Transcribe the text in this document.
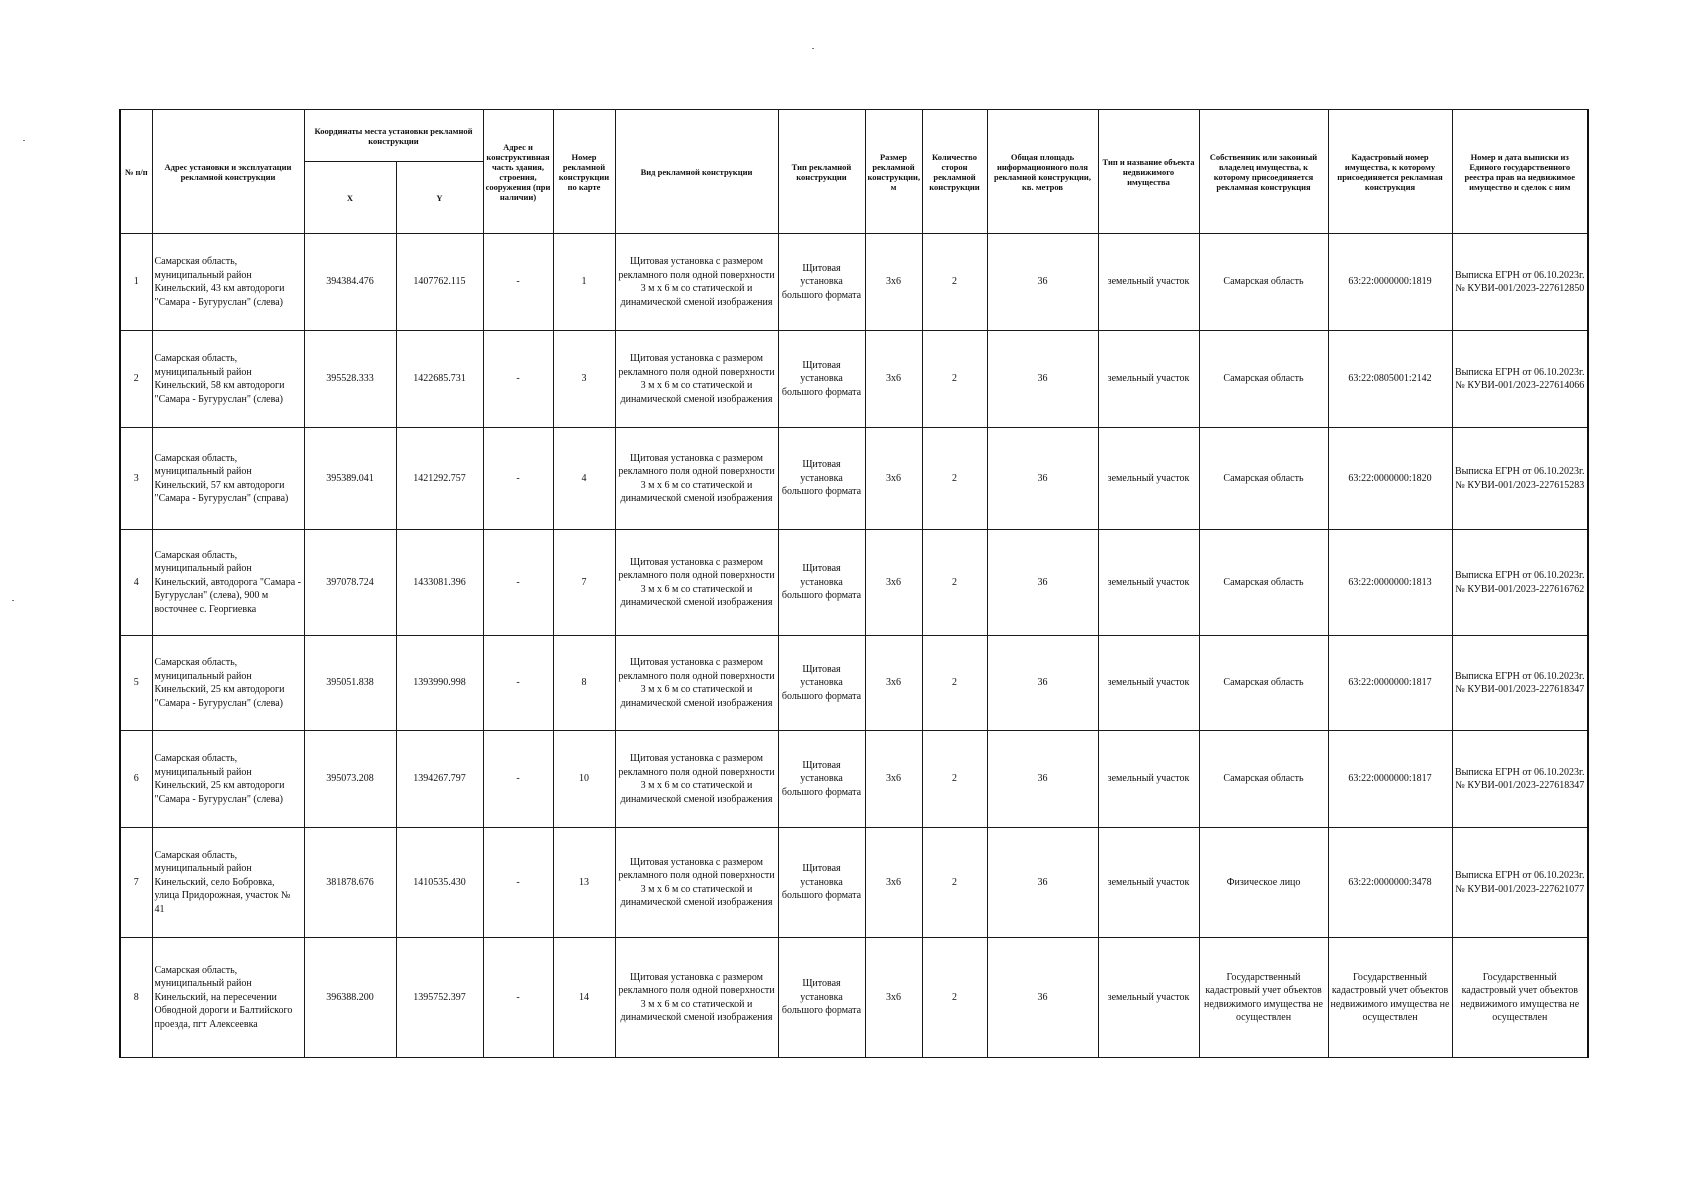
№ п/п	Адрес установки и эксплуатации рекламной конструкции	Координаты места установки рекламной конструкции		Адрес и конструктивная часть здания, строения, сооружения (при наличии)	Номер рекламной конструкции по карте	Вид рекламной конструкции	Тип рекламной конструкции	Размер рекламной конструкции, м	Количество сторон рекламной конструкции	Общая площадь информационного поля рекламной конструкции, кв. метров	Тип и название объекта недвижимого имущества	Собственник или законный владелец имущества, к которому присоединяется рекламная конструкция	Кадастровый номер имущества, к которому присоединяется рекламная конструкция	Номер и дата выписки из Единого государственного реестра прав на недвижимое имущество и сделок с ним
		X	Y											
1	Самарская область, муниципальный район Кинельский, 43 км автодороги "Самара - Бугуруслан" (слева)	394384.476	1407762.115	-	1	Щитовая установка с размером рекламного поля одной поверхности 3 м х 6 м со статической и динамической сменой изображения	Щитовая установка большого формата	3х6	2	36	земельный участок	Самарская область	63:22:0000000:1819	Выписка ЕГРН от 06.10.2023г. № КУВИ-001/2023-227612850
2	Самарская область, муниципальный район Кинельский, 58 км автодороги "Самара - Бугуруслан" (слева)	395528.333	1422685.731	-	3	Щитовая установка с размером рекламного поля одной поверхности 3 м х 6 м со статической и динамической сменой изображения	Щитовая установка большого формата	3х6	2	36	земельный участок	Самарская область	63:22:0805001:2142	Выписка ЕГРН от 06.10.2023г. № КУВИ-001/2023-227614066
3	Самарская область, муниципальный район Кинельский, 57 км автодороги "Самара - Бугуруслан" (справа)	395389.041	1421292.757	-	4	Щитовая установка с размером рекламного поля одной поверхности 3 м х 6 м со статической и динамической сменой изображения	Щитовая установка большого формата	3х6	2	36	земельный участок	Самарская область	63:22:0000000:1820	Выписка ЕГРН от 06.10.2023г. № КУВИ-001/2023-227615283
4	Самарская область, муниципальный район Кинельский, автодорога "Самара - Бугуруслан" (слева), 900 м восточнее с. Георгиевка	397078.724	1433081.396	-	7	Щитовая установка с размером рекламного поля одной поверхности 3 м х 6 м со статической и динамической сменой изображения	Щитовая установка большого формата	3х6	2	36	земельный участок	Самарская область	63:22:0000000:1813	Выписка ЕГРН от 06.10.2023г. № КУВИ-001/2023-227616762
5	Самарская область, муниципальный район Кинельский, 25 км автодороги "Самара - Бугуруслан" (слева)	395051.838	1393990.998	-	8	Щитовая установка с размером рекламного поля одной поверхности 3 м х 6 м со статической и динамической сменой изображения	Щитовая установка большого формата	3х6	2	36	земельный участок	Самарская область	63:22:0000000:1817	Выписка ЕГРН от 06.10.2023г. № КУВИ-001/2023-227618347
6	Самарская область, муниципальный район Кинельский, 25 км автодороги "Самара - Бугуруслан" (слева)	395073.208	1394267.797	-	10	Щитовая установка с размером рекламного поля одной поверхности 3 м х 6 м со статической и динамической сменой изображения	Щитовая установка большого формата	3х6	2	36	земельный участок	Самарская область	63:22:0000000:1817	Выписка ЕГРН от 06.10.2023г. № КУВИ-001/2023-227618347
7	Самарская область, муниципальный район Кинельский, село Бобровка, улица Придорожная, участок № 41	381878.676	1410535.430	-	13	Щитовая установка с размером рекламного поля одной поверхности 3 м х 6 м со статической и динамической сменой изображения	Щитовая установка большого формата	3х6	2	36	земельный участок	Физическое лицо	63:22:0000000:3478	Выписка ЕГРН от 06.10.2023г. № КУВИ-001/2023-227621077
8	Самарская область, муниципальный район Кинельский, на пересечении Обводной дороги и Балтийского проезда, пгт Алексеевка	396388.200	1395752.397	-	14	Щитовая установка с размером рекламного поля одной поверхности 3 м х 6 м со статической и динамической сменой изображения	Щитовая установка большого формата	3х6	2	36	земельный участок	Государственный кадастровый учет объектов недвижимого имущества не осуществлен	Государственный кадастровый учет объектов недвижимого имущества не осуществлен	Государственный кадастровый учет объектов недвижимого имущества не осуществлен
